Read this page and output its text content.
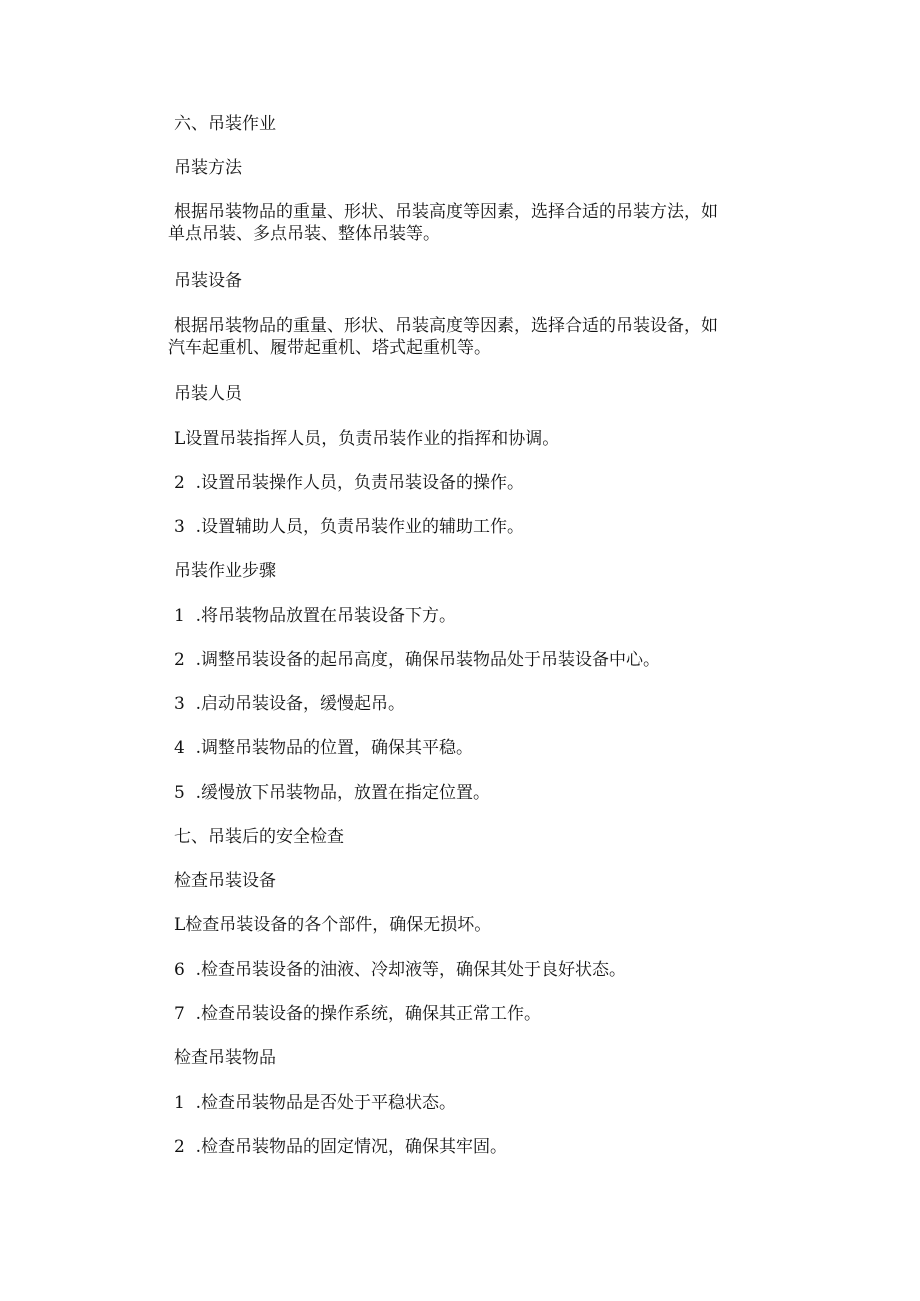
六、吊装作业
吊装方法
根据吊装物品的重量、形状、吊装高度等因素，选择合适的吊装方法，如
单点吊装、多点吊装、整体吊装等。
吊装设备
根据吊装物品的重量、形状、吊装高度等因素，选择合适的吊装设备，如
汽车起重机、履带起重机、塔式起重机等。
吊装人员
L设置吊装指挥人员，负责吊装作业的指挥和协调。
2  .设置吊装操作人员，负责吊装设备的操作。
3  .设置辅助人员，负责吊装作业的辅助工作。
吊装作业步骤
1  .将吊装物品放置在吊装设备下方。
2  .调整吊装设备的起吊高度，确保吊装物品处于吊装设备中心。
3  .启动吊装设备，缓慢起吊。
4  .调整吊装物品的位置，确保其平稳。
5  .缓慢放下吊装物品，放置在指定位置。
七、吊装后的安全检查
检查吊装设备
L检查吊装设备的各个部件，确保无损坏。
6  .检查吊装设备的油液、冷却液等，确保其处于良好状态。
7  .检查吊装设备的操作系统，确保其正常工作。
检查吊装物品
1  .检查吊装物品是否处于平稳状态。
2  .检查吊装物品的固定情况，确保其牢固。
